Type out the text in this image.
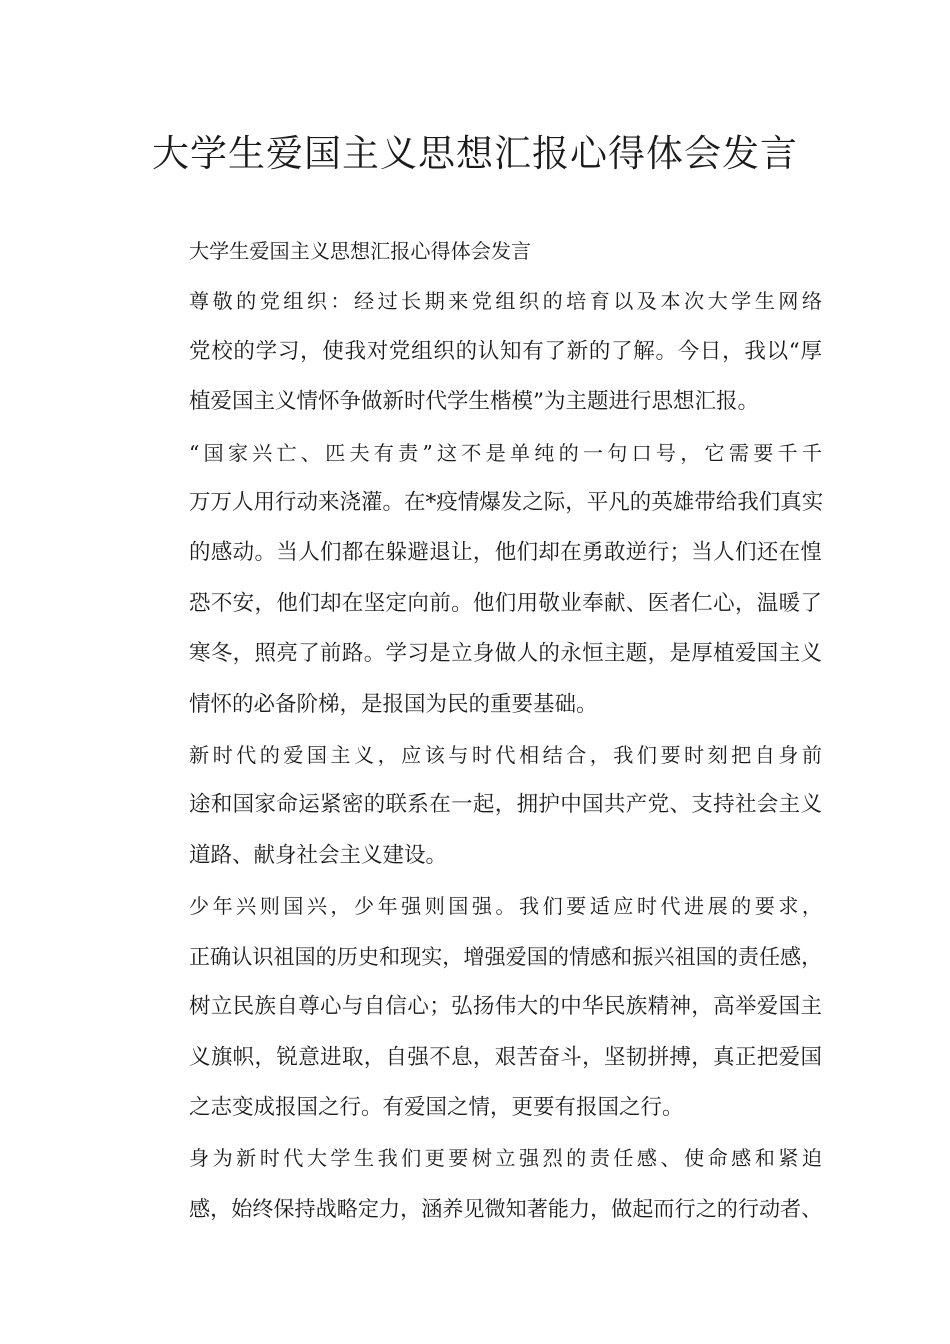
大学生爱国主义思想汇报心得体会发言

大学生爱国主义思想汇报心得体会发言

尊敬的党组织：经过长期来党组织的培育以及本次大学生网络
党校的学习，使我对党组织的认知有了新的了解。今日，我以“厚
植爱国主义情怀争做新时代学生楷模”为主题进行思想汇报。

“国家兴亡、匹夫有责”这不是单纯的一句口号，它需要千千
万万人用行动来浇灌。在*疫情爆发之际，平凡的英雄带给我们真实
的感动。当人们都在躲避退让，他们却在勇敢逆行；当人们还在惶
恐不安，他们却在坚定向前。他们用敬业奉献、医者仁心，温暖了
寒冬，照亮了前路。学习是立身做人的永恒主题，是厚植爱国主义
情怀的必备阶梯，是报国为民的重要基础。

新时代的爱国主义，应该与时代相结合，我们要时刻把自身前
途和国家命运紧密的联系在一起，拥护中国共产党、支持社会主义
道路、献身社会主义建设。

少年兴则国兴，少年强则国强。我们要适应时代进展的要求，
正确认识祖国的历史和现实，增强爱国的情感和振兴祖国的责任感，
树立民族自尊心与自信心；弘扬伟大的中华民族精神，高举爱国主
义旗帜，锐意进取，自强不息，艰苦奋斗，坚韧拼搏，真正把爱国
之志变成报国之行。有爱国之情，更要有报国之行。

身为新时代大学生我们更要树立强烈的责任感、使命感和紧迫
感，始终保持战略定力，涵养见微知著能力，做起而行之的行动者、
